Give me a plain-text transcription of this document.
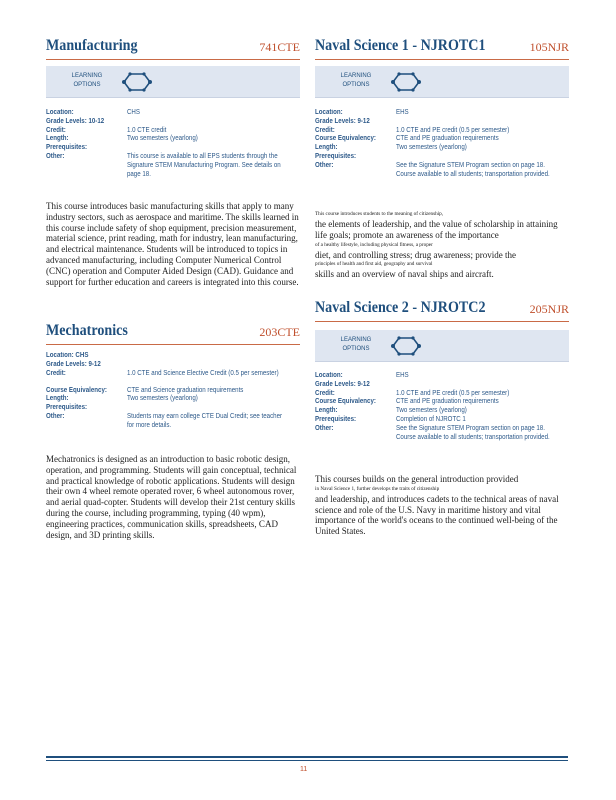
Manufacturing	741CTE
LEARNING OPTIONS
Location:	CHS
Grade Levels: 10-12
Credit:	1.0 CTE credit
Length:	Two semesters (yearlong)
Prerequisites:
Other:	This course is available to all EPS students through the Signature STEM Manufacturing Program. See details on page 18.
This course introduces basic manufacturing skills that apply to many industry sectors, such as aerospace and maritime. The skills learned in this course include safety of shop equipment, precision measurement, material science, print reading, math for industry, lean manufacturing, and electrical maintenance. Students will be introduced to topics in advanced manufacturing, including Computer Numerical Control (CNC) operation and Computer Aided Design (CAD). Guidance and support for further education and careers is integrated into this course.
Mechatronics	203CTE
Location: CHS
Grade Levels: 9-12
Credit:	1.0 CTE and Science Elective Credit (0.5 per semester)
Course Equivalency:	CTE and Science graduation requirements
Length:	Two semesters (yearlong)
Prerequisites:
Other:	Students may earn college CTE Dual Credit; see teacher for more details.
Mechatronics is designed as an introduction to basic robotic design, operation, and programming. Students will gain conceptual, technical and practical knowledge of robotic applications. Students will design their own 4 wheel remote operated rover, 6 wheel autonomous rover, and aerial quad-copter. Students will develop their 21st century skills during the course, including programming, typing (40 wpm), engineering practices, communication skills, spreadsheets, CAD design, and 3D printing skills.
Naval Science 1 - NJROTC1	105NJR
LEARNING OPTIONS
Location:	EHS
Grade Levels: 9-12
Credit:	1.0 CTE and PE credit (0.5 per semester)
Course Equivalency:	CTE and PE graduation requirements
Length:	Two semesters (yearlong)
Prerequisites:
Other:	See the Signature STEM Program section on page 18. Course available to all students; transportation provided.
This course introduces students to the meaning of citizenship,
the elements of leadership, and the value of scholarship in attaining life goals; promote an awareness of the importance
of a healthy lifestyle, including physical fitness, a proper
diet, and controlling stress; drug awareness; provide the
principles of health and first aid, geography and survival
skills and an overview of naval ships and aircraft.
Naval Science 2 - NJROTC2	205NJR
LEARNING OPTIONS
Location:	EHS
Grade Levels: 9-12
Credit:	1.0 CTE and PE credit (0.5 per semester)
Course Equivalency:	CTE and PE graduation requirements
Length:	Two semesters (yearlong)
Prerequisites:	Completion of NJROTC 1
Other:	See the Signature STEM Program section on page 18. Course available to all students; transportation provided.
This courses builds on the general introduction provided
in Naval Science 1, further develops the traits of citizenship
and leadership, and introduces cadets to the technical areas of naval science and role of the U.S. Navy in maritime history and vital importance of the world's oceans to the continued well-being of the United States.
11
